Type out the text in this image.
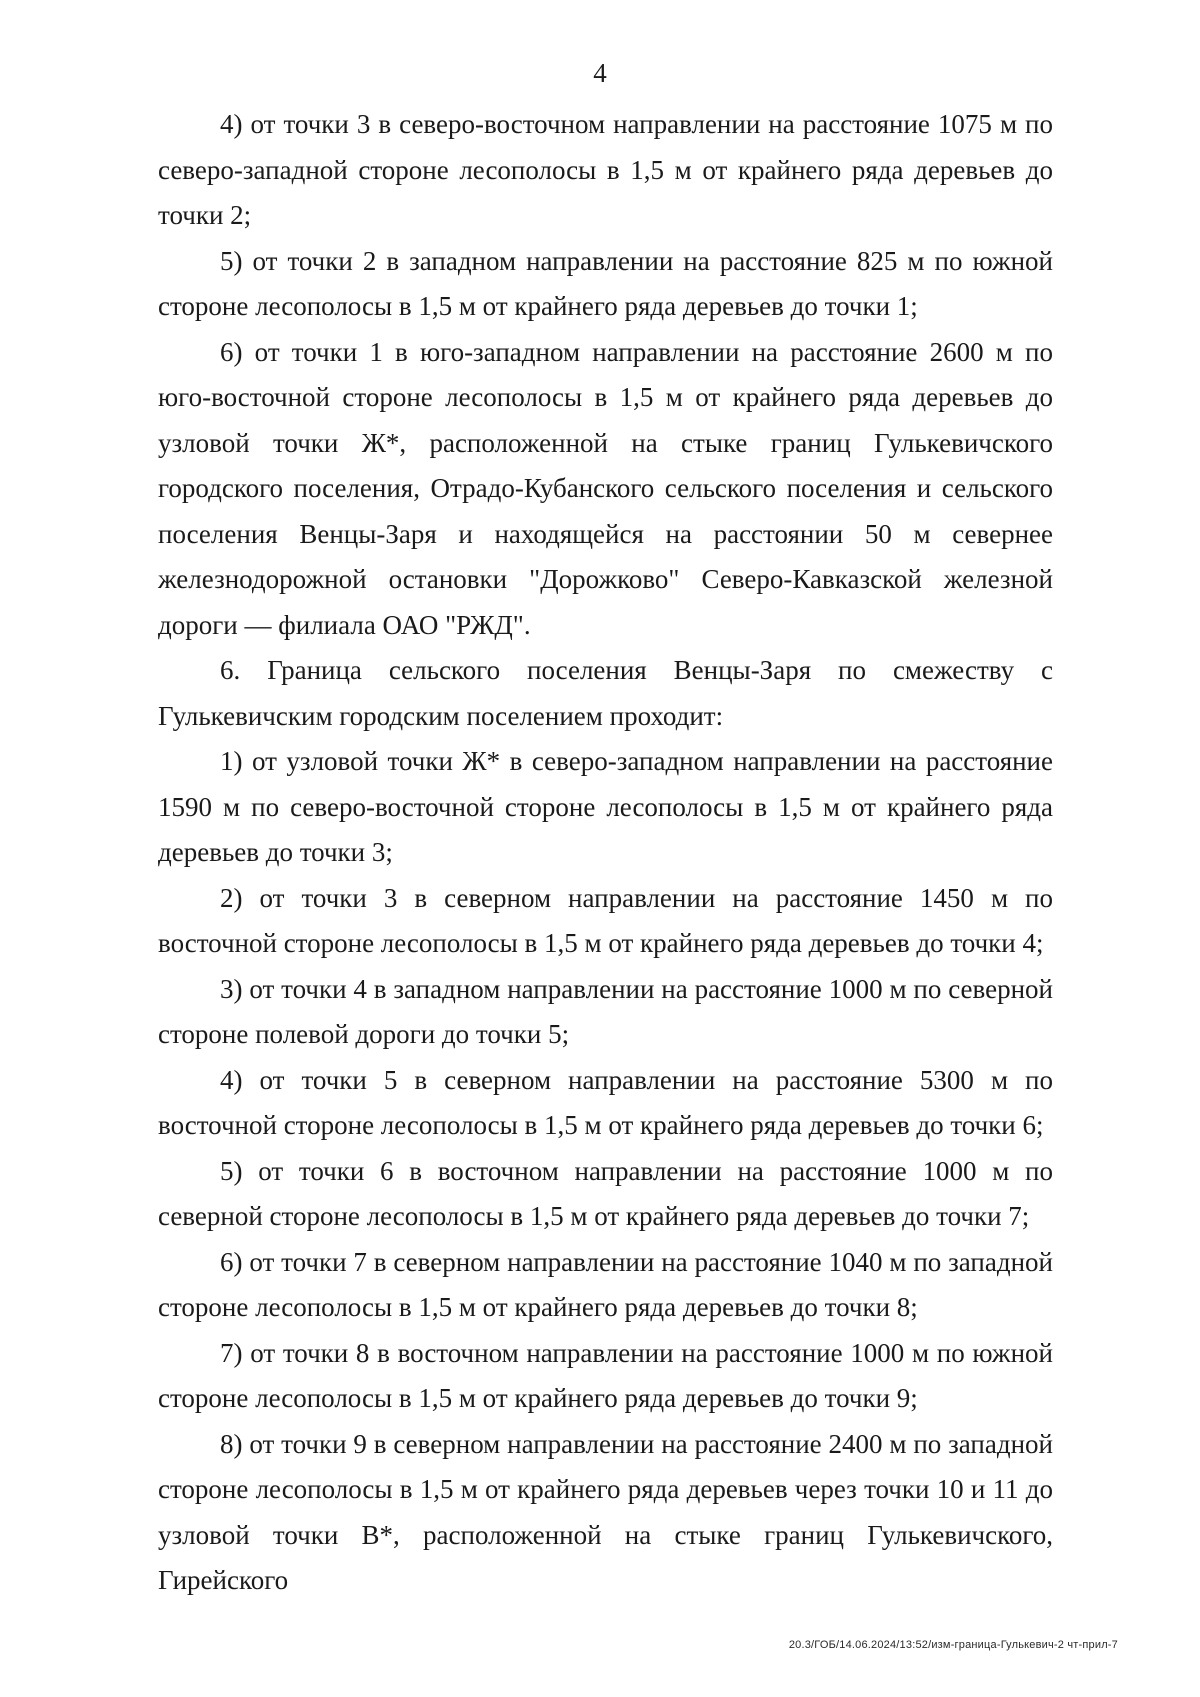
4

4) от точки 3 в северо-восточном направлении на расстояние 1075 м по северо-западной стороне лесополосы в 1,5 м от крайнего ряда деревьев до точки 2;

5) от точки 2 в западном направлении на расстояние 825 м по южной стороне лесополосы в 1,5 м от крайнего ряда деревьев до точки 1;

6) от точки 1 в юго-западном направлении на расстояние 2600 м по юго-восточной стороне лесополосы в 1,5 м от крайнего ряда деревьев до узловой точки Ж*, расположенной на стыке границ Гулькевичского городского поселения, Отрадо-Кубанского сельского поселения и сельского поселения Венцы-Заря и находящейся на расстоянии 50 м севернее железнодорожной остановки "Дорожково" Северо-Кавказской железной дороги — филиала ОАО "РЖД".

6. Граница сельского поселения Венцы-Заря по смежеству с Гулькевичским городским поселением проходит:

1) от узловой точки Ж* в северо-западном направлении на расстояние 1590 м по северо-восточной стороне лесополосы в 1,5 м от крайнего ряда деревьев до точки 3;

2) от точки 3 в северном направлении на расстояние 1450 м по восточной стороне лесополосы в 1,5 м от крайнего ряда деревьев до точки 4;

3) от точки 4 в западном направлении на расстояние 1000 м по северной стороне полевой дороги до точки 5;

4) от точки 5 в северном направлении на расстояние 5300 м по восточной стороне лесополосы в 1,5 м от крайнего ряда деревьев до точки 6;

5) от точки 6 в восточном направлении на расстояние 1000 м по северной стороне лесополосы в 1,5 м от крайнего ряда деревьев до точки 7;

6) от точки 7 в северном направлении на расстояние 1040 м по западной стороне лесополосы в 1,5 м от крайнего ряда деревьев до точки 8;

7) от точки 8 в восточном направлении на расстояние 1000 м по южной стороне лесополосы в 1,5 м от крайнего ряда деревьев до точки 9;

8) от точки 9 в северном направлении на расстояние 2400 м по западной стороне лесополосы в 1,5 м от крайнего ряда деревьев через точки 10 и 11 до узловой точки В*, расположенной на стыке границ Гулькевичского, Гирейского

20.3/ГОБ/14.06.2024/13:52/изм-граница-Гулькевич-2 чт-прил-7
